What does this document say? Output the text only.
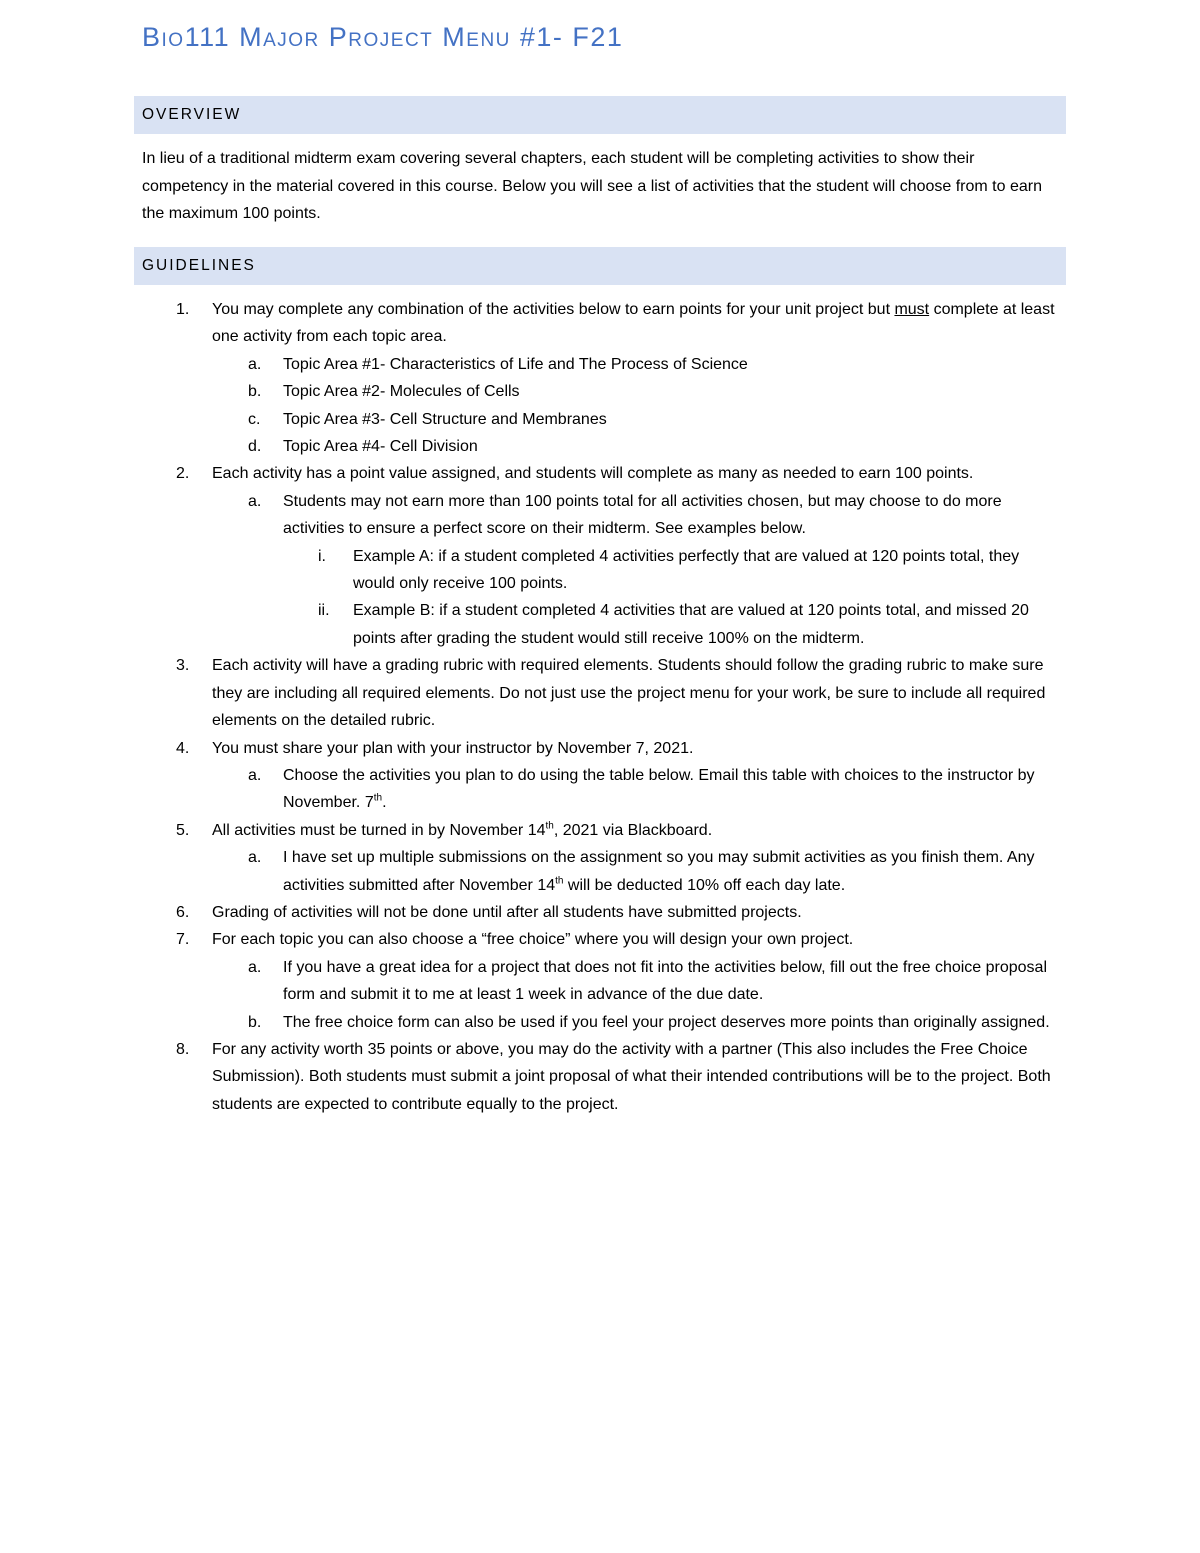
Bio111 Major Project Menu #1- F21
OVERVIEW
In lieu of a traditional midterm exam covering several chapters, each student will be completing activities to show their competency in the material covered in this course. Below you will see a list of activities that the student will choose from to earn the maximum 100 points.
GUIDELINES
1. You may complete any combination of the activities below to earn points for your unit project but must complete at least one activity from each topic area.
a. Topic Area #1- Characteristics of Life and The Process of Science
b. Topic Area #2- Molecules of Cells
c. Topic Area #3- Cell Structure and Membranes
d. Topic Area #4- Cell Division
2. Each activity has a point value assigned, and students will complete as many as needed to earn 100 points.
a. Students may not earn more than 100 points total for all activities chosen, but may choose to do more activities to ensure a perfect score on their midterm. See examples below.
i. Example A: if a student completed 4 activities perfectly that are valued at 120 points total, they would only receive 100 points.
ii. Example B: if a student completed 4 activities that are valued at 120 points total, and missed 20 points after grading the student would still receive 100% on the midterm.
3. Each activity will have a grading rubric with required elements. Students should follow the grading rubric to make sure they are including all required elements. Do not just use the project menu for your work, be sure to include all required elements on the detailed rubric.
4. You must share your plan with your instructor by November 7, 2021.
a. Choose the activities you plan to do using the table below. Email this table with choices to the instructor by November. 7th.
5. All activities must be turned in by November 14th, 2021 via Blackboard.
a. I have set up multiple submissions on the assignment so you may submit activities as you finish them. Any activities submitted after November 14th will be deducted 10% off each day late.
6. Grading of activities will not be done until after all students have submitted projects.
7. For each topic you can also choose a “free choice” where you will design your own project.
a. If you have a great idea for a project that does not fit into the activities below, fill out the free choice proposal form and submit it to me at least 1 week in advance of the due date.
b. The free choice form can also be used if you feel your project deserves more points than originally assigned.
8. For any activity worth 35 points or above, you may do the activity with a partner (This also includes the Free Choice Submission). Both students must submit a joint proposal of what their intended contributions will be to the project. Both students are expected to contribute equally to the project.
